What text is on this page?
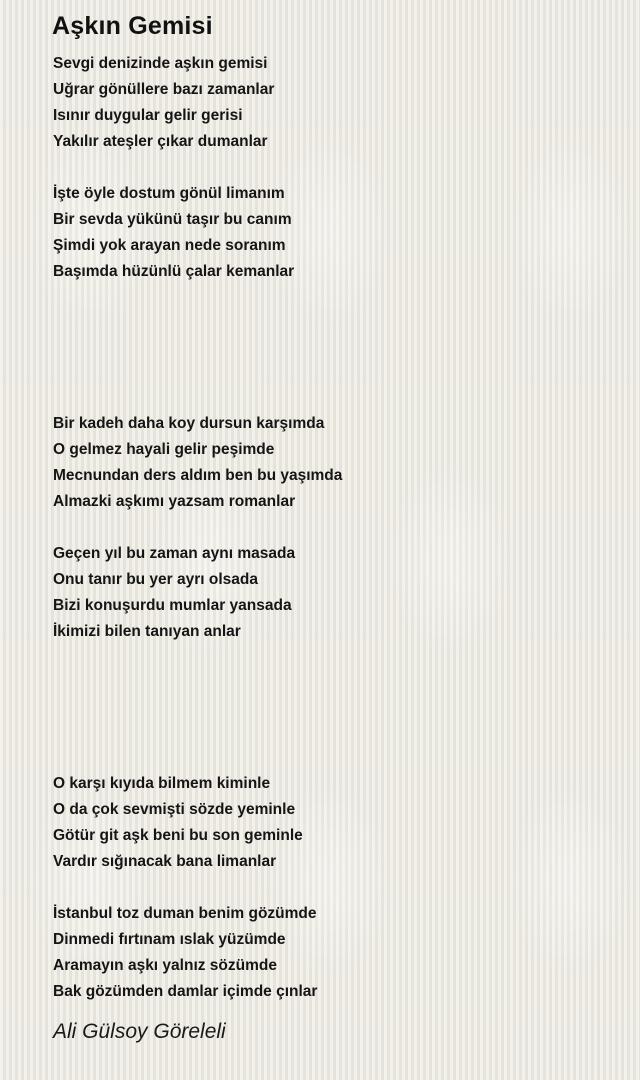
Aşkın Gemisi
Sevgi denizinde aşkın gemisi
Uğrar gönüllere bazı zamanlar
Isınır duygular gelir gerisi
Yakılır ateşler çıkar dumanlar
İşte öyle dostum gönül limanım
Bir sevda yükünü taşır bu canım
Şimdi yok arayan nede soranım
Başımda hüzünlü çalar kemanlar
Bir kadeh daha koy dursun karşımda
O gelmez hayali gelir peşimde
Mecnundan ders aldım ben bu yaşımda
Almazki aşkımı yazsam romanlar
Geçen yıl bu zaman aynı masada
Onu tanır bu yer ayrı olsada
Bizi konuşurdu mumlar yansada
İkimizi bilen tanıyan anlar
O karşı kıyıda bilmem kiminle
O da çok sevmişti sözde yeminle
Götür git aşk beni bu son geminle
Vardır sığınacak bana limanlar
İstanbul toz duman benim gözümde
Dinmedi fırtınam ıslak yüzümde
Aramayın aşkı yalnız sözümde
Bak gözümden damlar içimde çınlar
Ali Gülsoy Göreleli
